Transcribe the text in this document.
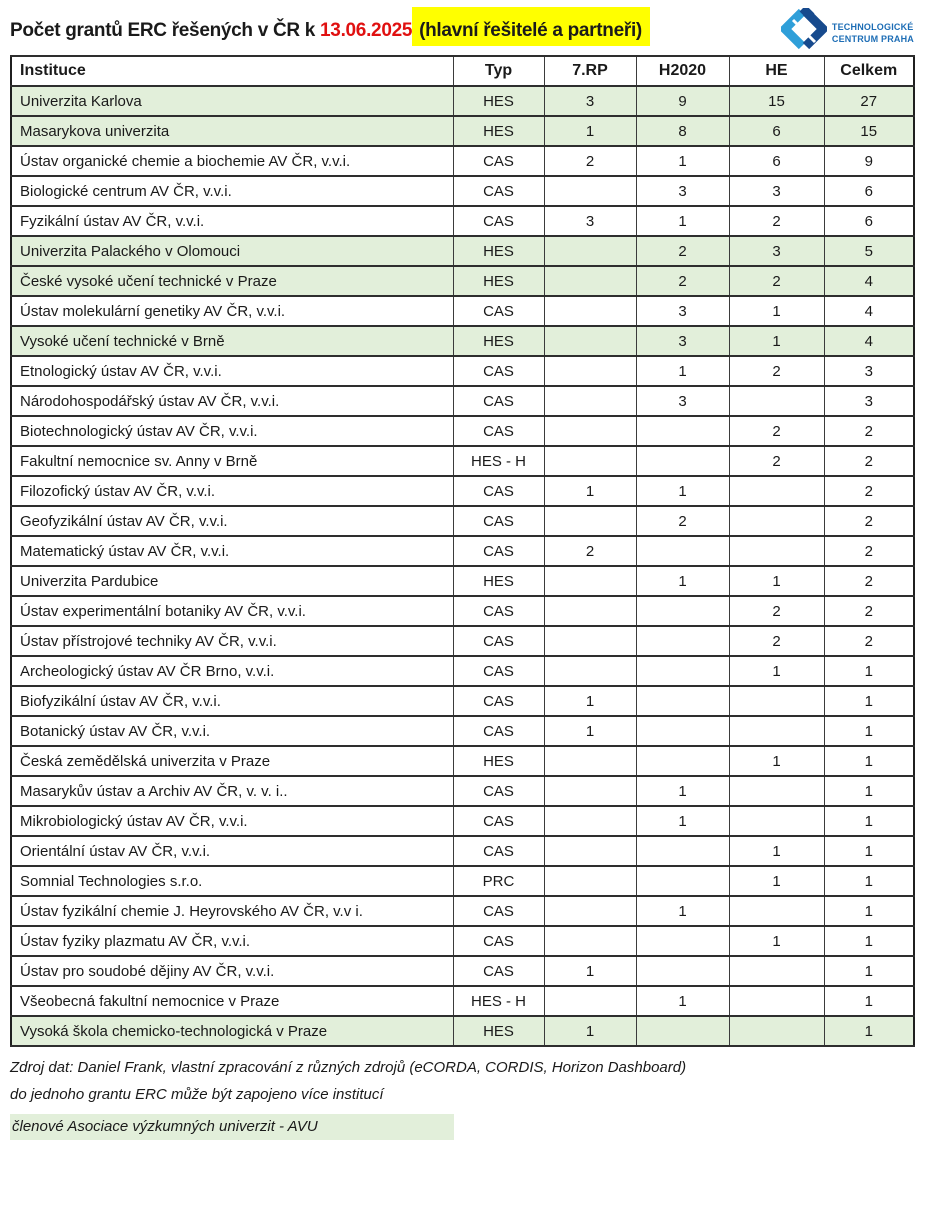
Počet grantů ERC řešených v ČR k 13.06.2025 (hlavní řešitelé a partneři)	TECHNOLOGICKÉ
CENTRUM PRAHA
Instituce	Typ	7.RP	H2020	HE	Celkem
Univerzita Karlova	HES	3	9	15	27
Masarykova univerzita	HES	1	8	6	15
Ústav organické chemie a biochemie AV ČR, v.v.i.	CAS	2	1	6	9
Biologické centrum AV ČR, v.v.i.	CAS		3	3	6
Fyzikální ústav AV ČR, v.v.i.	CAS	3	1	2	6
Univerzita Palackého v Olomouci	HES		2	3	5
České vysoké učení technické v Praze	HES		2	2	4
Ústav molekulární genetiky AV ČR, v.v.i.	CAS		3	1	4
Vysoké učení technické v Brně	HES		3	1	4
Etnologický ústav AV ČR, v.v.i.	CAS		1	2	3
Národohospodářský ústav AV ČR, v.v.i.	CAS		3		3
Biotechnologický ústav AV ČR, v.v.i.	CAS			2	2
Fakultní nemocnice sv. Anny v Brně	HES - H			2	2
Filozofický ústav AV ČR, v.v.i.	CAS	1	1		2
Geofyzikální ústav AV ČR, v.v.i.	CAS		2		2
Matematický ústav AV ČR, v.v.i.	CAS	2			2
Univerzita Pardubice	HES		1	1	2
Ústav experimentální botaniky AV ČR, v.v.i.	CAS			2	2
Ústav přístrojové techniky AV ČR, v.v.i.	CAS			2	2
Archeologický ústav AV ČR Brno, v.v.i.	CAS			1	1
Biofyzikální ústav AV ČR, v.v.i.	CAS	1			1
Botanický ústav AV ČR, v.v.i.	CAS	1			1
Česká zemědělská univerzita v Praze	HES			1	1
Masarykův ústav a Archiv AV ČR, v. v. i..	CAS		1		1
Mikrobiologický ústav AV ČR, v.v.i.	CAS		1		1
Orientální ústav AV ČR, v.v.i.	CAS			1	1
Somnial Technologies s.r.o.	PRC			1	1
Ústav fyzikální chemie J. Heyrovského AV ČR, v.v i.	CAS		1		1
Ústav fyziky plazmatu AV ČR, v.v.i.	CAS			1	1
Ústav pro soudobé dějiny AV ČR, v.v.i.	CAS	1			1
Všeobecná fakultní nemocnice v Praze	HES - H		1		1
Vysoká škola chemicko-technologická v Praze	HES	1			1
Zdroj dat: Daniel Frank, vlastní zpracování z různých zdrojů (eCORDA, CORDIS, Horizon Dashboard)
do jednoho grantu ERC může být zapojeno více institucí
členové Asociace výzkumných univerzit - AVU
